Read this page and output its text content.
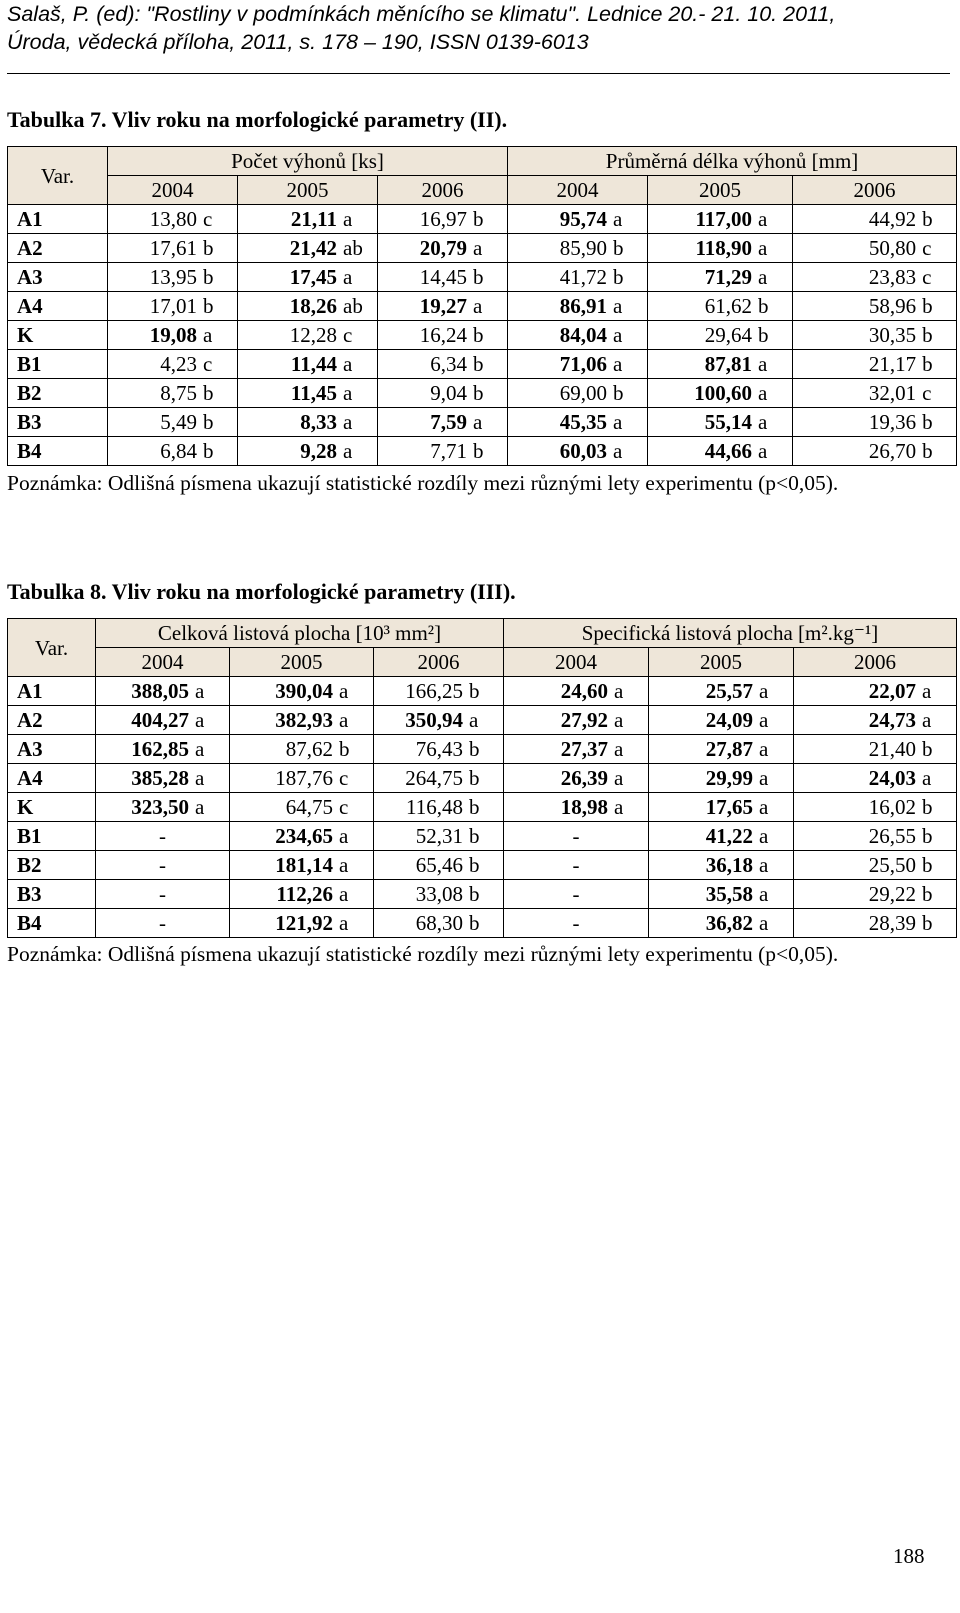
Salaš, P. (ed): "Rostliny v podmínkách měnícího se klimatu". Lednice 20.- 21. 10. 2011,
Úroda, vědecká příloha, 2011, s. 178 – 190, ISSN 0139-6013
Tabulka 7. Vliv roku na morfologické parametry (II).
Var.	Počet výhonů [ks]			Průměrná délka výhonů [mm]		
	2004	2005	2006	2004	2005	2006
A1	13,80 c	21,11 a	16,97 b	95,74 a	117,00 a	44,92 b

A2	17,61 b	21,42 ab	20,79 a	85,90 b	118,90 a	50,80 c

A3	13,95 b	17,45 a	14,45 b	41,72 b	71,29 a	23,83 c

A4	17,01 b	18,26 ab	19,27 a	86,91 a	61,62 b	58,96 b

K	19,08 a	12,28 c	16,24 b	84,04 a	29,64 b	30,35 b

B1	4,23 c	11,44 a	6,34 b	71,06 a	87,81 a	21,17 b

B2	8,75 b	11,45 a	9,04 b	69,00 b	100,60 a	32,01 c

B3	5,49 b	8,33 a	7,59 a	45,35 a	55,14 a	19,36 b

B4	6,84 b	9,28 a	7,71 b	60,03 a	44,66 a	26,70 b
Poznámka: Odlišná písmena ukazují statistické rozdíly mezi různými lety experimentu (p<0,05).
Tabulka 8. Vliv roku na morfologické parametry (III).
Var.	Celková listová plocha [10³ mm²]			Specifická listová plocha [m².kg⁻¹]		
	2004	2005	2006	2004	2005	2006
A1	388,05 a	390,04 a	166,25 b	24,60 a	25,57 a	22,07 a

A2	404,27 a	382,93 a	350,94 a	27,92 a	24,09 a	24,73 a

A3	162,85 a	87,62 b	76,43 b	27,37 a	27,87 a	21,40 b

A4	385,28 a	187,76 c	264,75 b	26,39 a	29,99 a	24,03 a

K	323,50 a	64,75 c	116,48 b	18,98 a	17,65 a	16,02 b

B1	-	234,65 a	52,31 b	-	41,22 a	26,55 b

B2	-	181,14 a	65,46 b	-	36,18 a	25,50 b

B3	-	112,26 a	33,08 b	-	35,58 a	29,22 b

B4	-	121,92 a	68,30 b	-	36,82 a	28,39 b
Poznámka: Odlišná písmena ukazují statistické rozdíly mezi různými lety experimentu (p<0,05).
188
